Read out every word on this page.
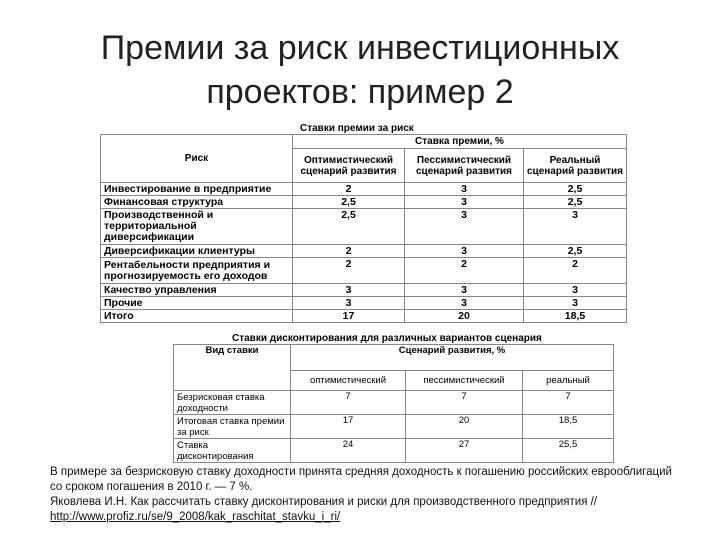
Премии за риск инвестиционных
проектов: пример 2
Ставки премии за риск
Риск	Ставка премии, %		
	Оптимистический сценарий развития	Пессимистический сценарий развития	Реальный сценарий развития
Инвестирование в предприятие	2	3	2,5
Финансовая структура	2,5	3	2,5
Производственной и территориальной диверсификации	2,5	3	3
Диверсификации клиентуры	2	3	2,5
Рентабельности предприятия и прогнозируемость его доходов	2	2	2
Качество управления	3	3	3
Прочие	3	3	3
Итого	17	20	18,5
Ставки дисконтирования для различных вариантов сценария
Вид ставки	Сценарий развития, %		
	оптимистический	пессимистический	реальный
Безрисковая ставка доходности	7	7	7
Итоговая ставка премии за риск	17	20	18,5
Ставка дисконтирования	24	27	25,5

В примере за безрисковую ставку доходности принята средняя доходность к погашению российских еврооблигаций со сроком погашения в 2010 г. — 7 %.

Яковлева И.Н. Как рассчитать ставку дисконтирования и риски для производственного предприятия //

http://www.profiz.ru/se/9_2008/kak_raschitat_stavku_i_ri/
